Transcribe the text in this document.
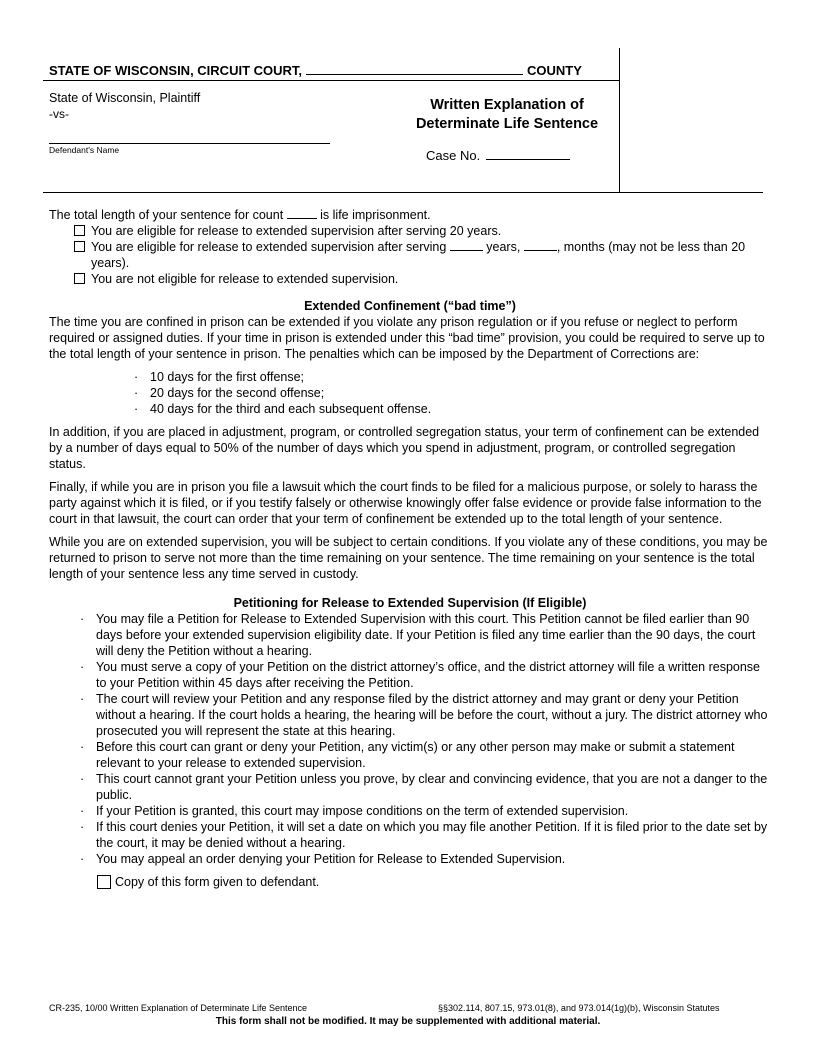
STATE OF WISCONSIN, CIRCUIT COURT,	COUNTY
State of Wisconsin, Plaintiff
-vs-
Defendant's Name
Written Explanation of
Determinate Life Sentence
Case No.
The total length of your sentence for count	is life imprisonment.
You are eligible for release to extended supervision after serving 20 years.
You are eligible for release to extended supervision after serving	years,	, months (may not be less than 20 years).
You are not eligible for release to extended supervision.
Extended Confinement (“bad time”)

The time you are confined in prison can be extended if you violate any prison regulation or if you refuse or neglect to perform required or assigned duties. If your time in prison is extended under this “bad time” provision, you could be required to serve up to the total length of your sentence in prison. The penalties which can be imposed by the Department of Corrections are:

· 10 days for the first offense;
· 20 days for the second offense;
· 40 days for the third and each subsequent offense.

In addition, if you are placed in adjustment, program, or controlled segregation status, your term of confinement can be extended by a number of days equal to 50% of the number of days which you spend in adjustment, program, or controlled segregation status.

Finally, if while you are in prison you file a lawsuit which the court finds to be filed for a malicious purpose, or solely to harass the party against which it is filed, or if you testify falsely or otherwise knowingly offer false evidence or provide false information to the court in that lawsuit, the court can order that your term of confinement be extended up to the total length of your sentence.

While you are on extended supervision, you will be subject to certain conditions. If you violate any of these conditions, you may be returned to prison to serve not more than the time remaining on your sentence. The time remaining on your sentence is the total length of your sentence less any time served in custody.

Petitioning for Release to Extended Supervision (If Eligible)
· You may file a Petition for Release to Extended Supervision with this court. This Petition cannot be filed earlier than 90 days before your extended supervision eligibility date. If your Petition is filed any time earlier than the 90 days, the court will deny the Petition without a hearing.
· You must serve a copy of your Petition on the district attorney’s office, and the district attorney will file a written response to your Petition within 45 days after receiving the Petition.
· The court will review your Petition and any response filed by the district attorney and may grant or deny your Petition without a hearing. If the court holds a hearing, the hearing will be before the court, without a jury. The district attorney who prosecuted you will represent the state at this hearing.
· Before this court can grant or deny your Petition, any victim(s) or any other person may make or submit a statement relevant to your release to extended supervision.
· This court cannot grant your Petition unless you prove, by clear and convincing evidence, that you are not a danger to the public.
· If your Petition is granted, this court may impose conditions on the term of extended supervision.
· If this court denies your Petition, it will set a date on which you may file another Petition. If it is filed prior to the date set by the court, it may be denied without a hearing.
· You may appeal an order denying your Petition for Release to Extended Supervision.
Copy of this form given to defendant.
CR-235, 10/00 Written Explanation of Determinate Life Sentence	§§302.114, 807.15, 973.01(8), and 973.014(1g)(b), Wisconsin Statutes
This form shall not be modified. It may be supplemented with additional material.
